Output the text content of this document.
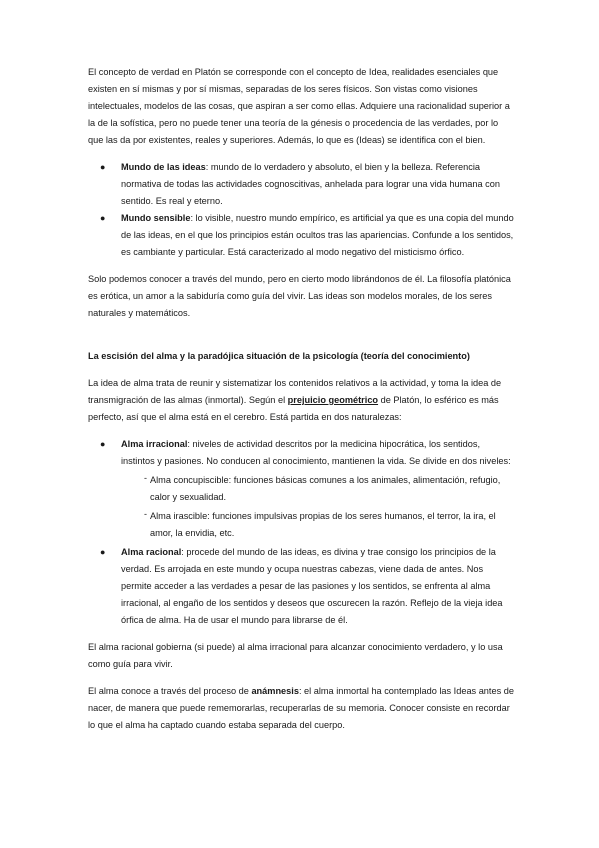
El concepto de verdad en Platón se corresponde con el concepto de Idea, realidades esenciales que existen en sí mismas y por sí mismas, separadas de los seres físicos. Son vistas como visiones intelectuales, modelos de las cosas, que aspiran a ser como ellas. Adquiere una racionalidad superior a la de la sofística, pero no puede tener una teoría de la génesis o procedencia de las verdades, por lo que las da por existentes, reales y superiores. Además, lo que es (Ideas) se identifica con el bien.

● Mundo de las ideas: mundo de lo verdadero y absoluto, el bien y la belleza. Referencia normativa de todas las actividades cognoscitivas, anhelada para lograr una vida humana con sentido. Es real y eterno.
● Mundo sensible: lo visible, nuestro mundo empírico, es artificial ya que es una copia del mundo de las ideas, en el que los principios están ocultos tras las apariencias. Confunde a los sentidos, es cambiante y particular. Está caracterizado al modo negativo del misticismo órfico.

Solo podemos conocer a través del mundo, pero en cierto modo librándonos de él. La filosofía platónica es erótica, un amor a la sabiduría como guía del vivir. Las ideas son modelos morales, de los seres naturales y matemáticos.

La escisión del alma y la paradójica situación de la psicología (teoría del conocimiento)

La idea de alma trata de reunir y sistematizar los contenidos relativos a la actividad, y toma la idea de transmigración de las almas (inmortal). Según el prejuicio geométrico de Platón, lo esférico es más perfecto, así que el alma está en el cerebro. Está partida en dos naturalezas:

● Alma irracional: niveles de actividad descritos por la medicina hipocrática, los sentidos, instintos y pasiones. No conducen al conocimiento, mantienen la vida. Se divide en dos niveles:
- Alma concupiscible: funciones básicas comunes a los animales, alimentación, refugio, calor y sexualidad.
- Alma irascible: funciones impulsivas propias de los seres humanos, el terror, la ira, el amor, la envidia, etc.
● Alma racional: procede del mundo de las ideas, es divina y trae consigo los principios de la verdad. Es arrojada en este mundo y ocupa nuestras cabezas, viene dada de antes. Nos permite acceder a las verdades a pesar de las pasiones y los sentidos, se enfrenta al alma irracional, al engaño de los sentidos y deseos que oscurecen la razón. Reflejo de la vieja idea órfica de alma. Ha de usar el mundo para librarse de él.

El alma racional gobierna (si puede) al alma irracional para alcanzar conocimiento verdadero, y lo usa como guía para vivir.

El alma conoce a través del proceso de anámnesis: el alma inmortal ha contemplado las Ideas antes de nacer, de manera que puede rememorarlas, recuperarlas de su memoria. Conocer consiste en recordar lo que el alma ha captado cuando estaba separada del cuerpo.
